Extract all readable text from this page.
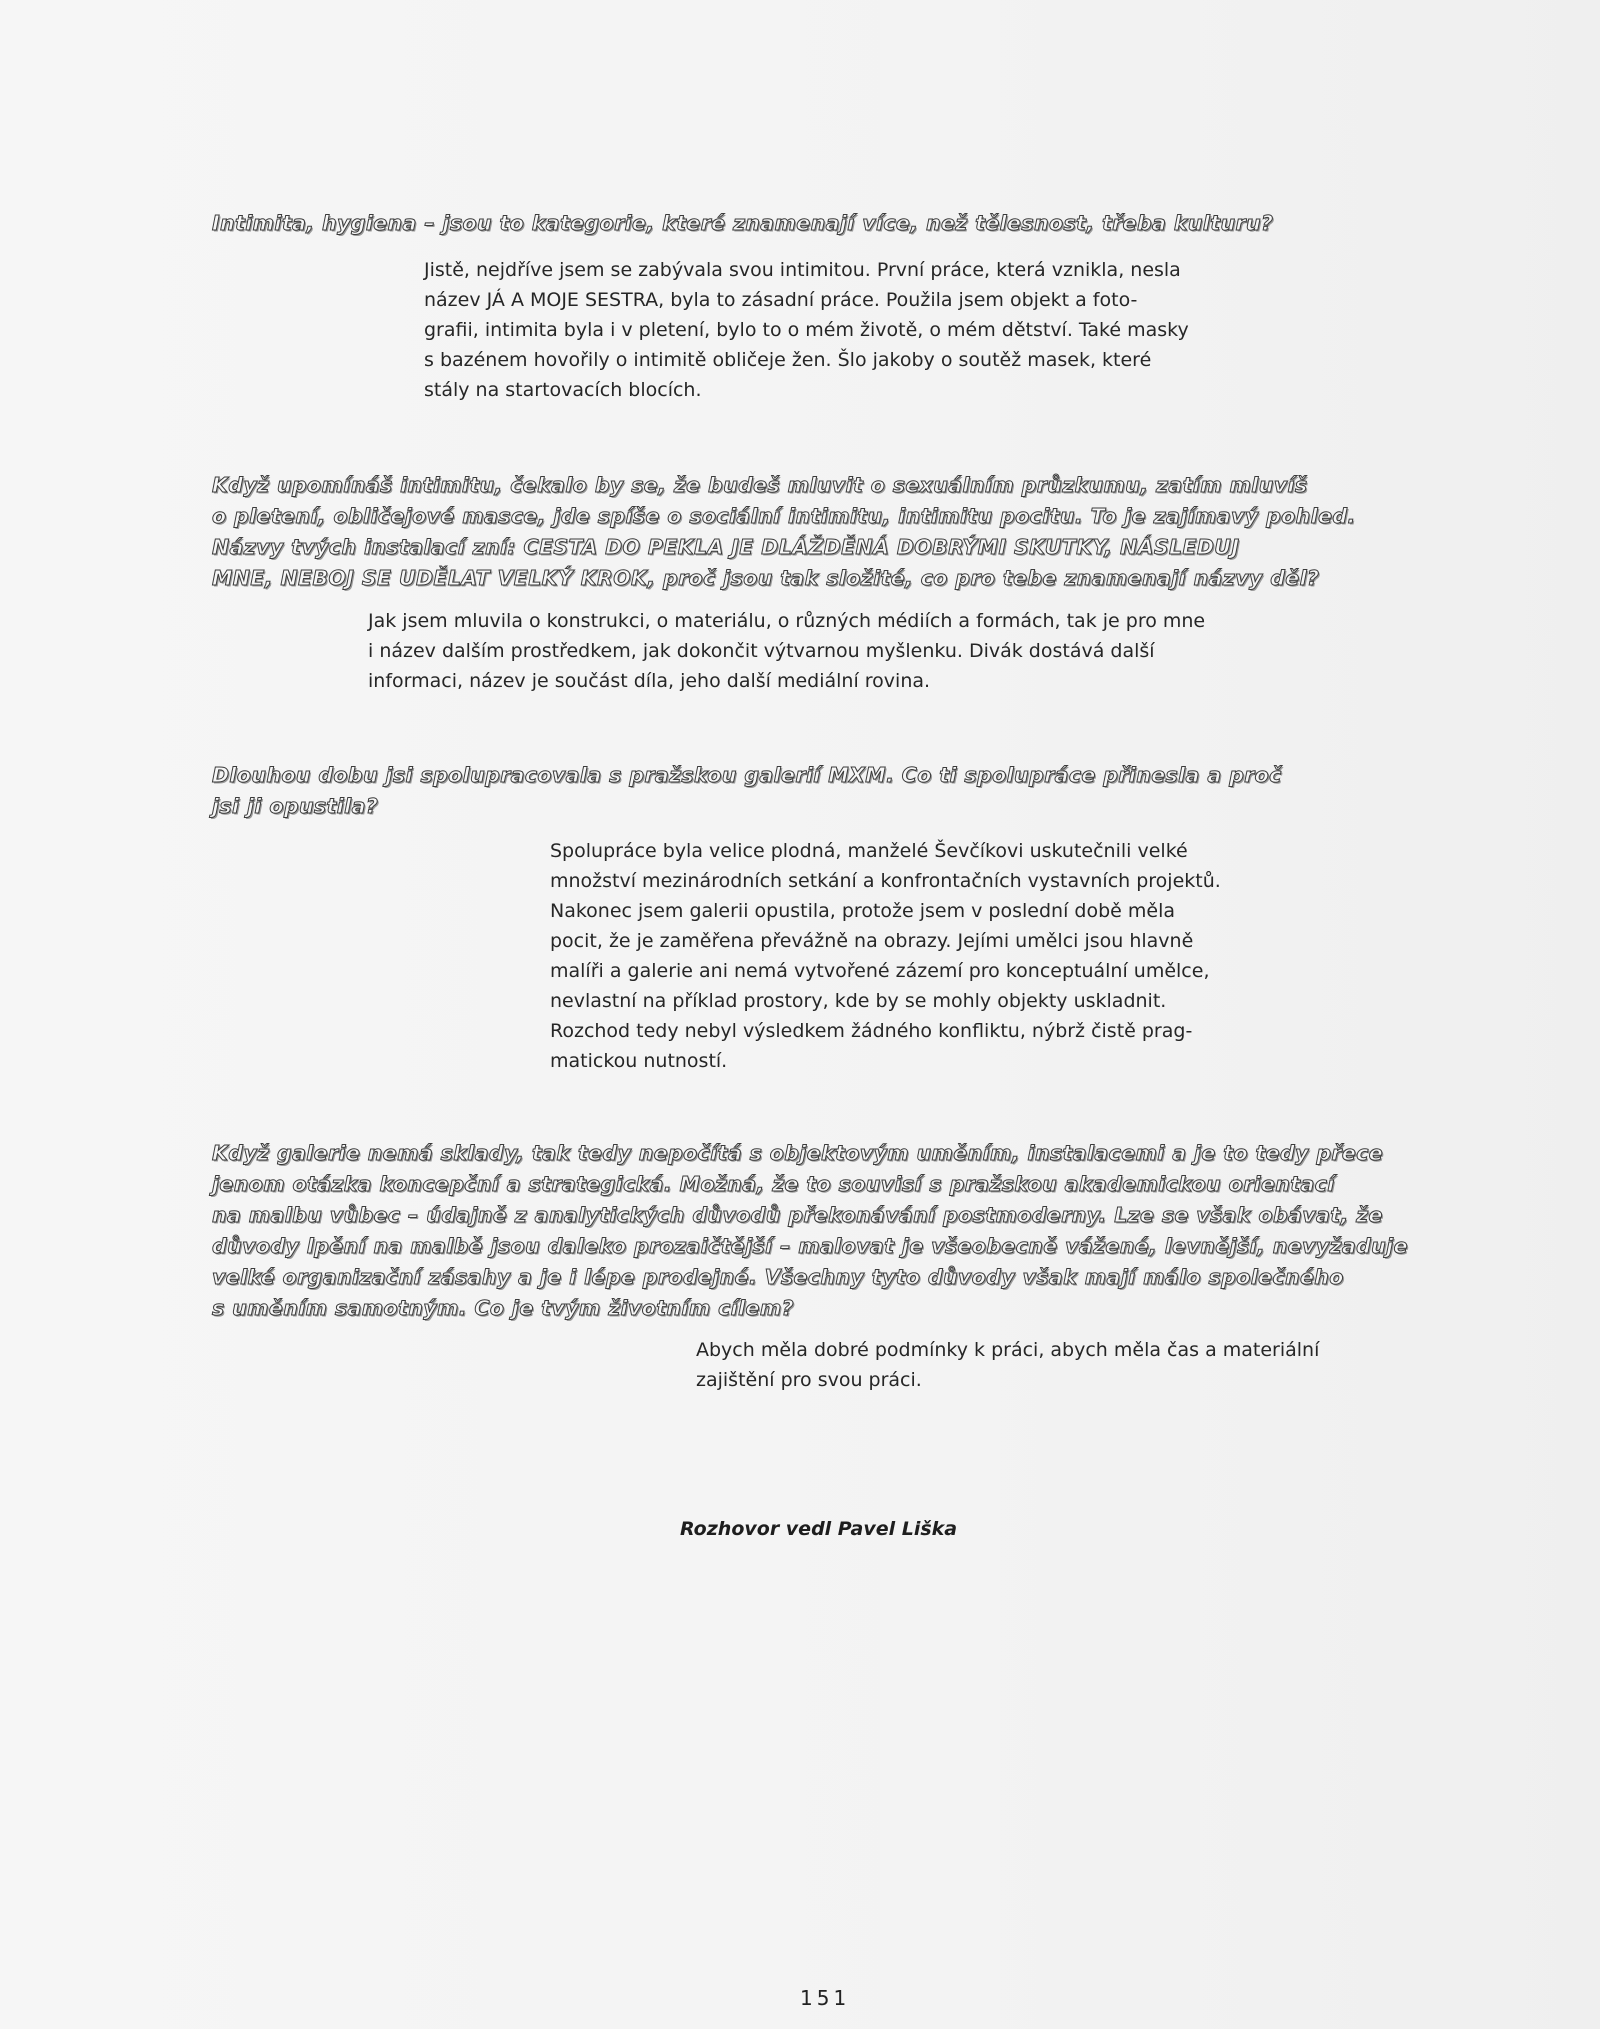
Intimita, hygiena – jsou to kategorie, které znamenají více, než tělesnost, třeba kulturu?

Jistě, nejdříve jsem se zabývala svou intimitou. První práce, která vznikla, nesla
název JÁ A MOJE SESTRA, byla to zásadní práce. Použila jsem objekt a foto-
grafii, intimita byla i v pletení, bylo to o mém životě, o mém dětství. Také masky
s bazénem hovořily o intimitě obličeje žen. Šlo jakoby o soutěž masek, které
stály na startovacích blocích.

Když upomínáš intimitu, čekalo by se, že budeš mluvit o sexuálním průzkumu, zatím mluvíš
o pletení, obličejové masce, jde spíše o sociální intimitu, intimitu pocitu. To je zajímavý pohled.
Názvy tvých instalací zní: CESTA DO PEKLA JE DLÁŽDĚNÁ DOBRÝMI SKUTKY, NÁSLEDUJ
MNE, NEBOJ SE UDĚLAT VELKÝ KROK, proč jsou tak složité, co pro tebe znamenají názvy děl?

Jak jsem mluvila o konstrukci, o materiálu, o různých médiích a formách, tak je pro mne
i název dalším prostředkem, jak dokončit výtvarnou myšlenku. Divák dostává další
informaci, název je součást díla, jeho další mediální rovina.

Dlouhou dobu jsi spolupracovala s pražskou galerií MXM. Co ti spolupráce přinesla a proč
jsi ji opustila?

Spolupráce byla velice plodná, manželé Ševčíkovi uskutečnili velké
množství mezinárodních setkání a konfrontačních vystavních projektů.
Nakonec jsem galerii opustila, protože jsem v poslední době měla
pocit, že je zaměřena převážně na obrazy. Jejími umělci jsou hlavně
malíři a galerie ani nemá vytvořené zázemí pro konceptuální umělce,
nevlastní na příklad prostory, kde by se mohly objekty uskladnit.
Rozchod tedy nebyl výsledkem žádného konfliktu, nýbrž čistě prag-
matickou nutností.

Když galerie nemá sklady, tak tedy nepočítá s objektovým uměním, instalacemi a je to tedy přece
jenom otázka koncepční a strategická. Možná, že to souvisí s pražskou akademickou orientací
na malbu vůbec – údajně z analytických důvodů překonávání postmoderny. Lze se však obávat, že
důvody lpění na malbě jsou daleko prozaičtější – malovat je všeobecně vážené, levnější, nevyžaduje
velké organizační zásahy a je i lépe prodejné. Všechny tyto důvody však mají málo společného
s uměním samotným. Co je tvým životním cílem?

Abych měla dobré podmínky k práci, abych měla čas a materiální
zajištění pro svou práci.

Rozhovor vedl Pavel Liška

151
